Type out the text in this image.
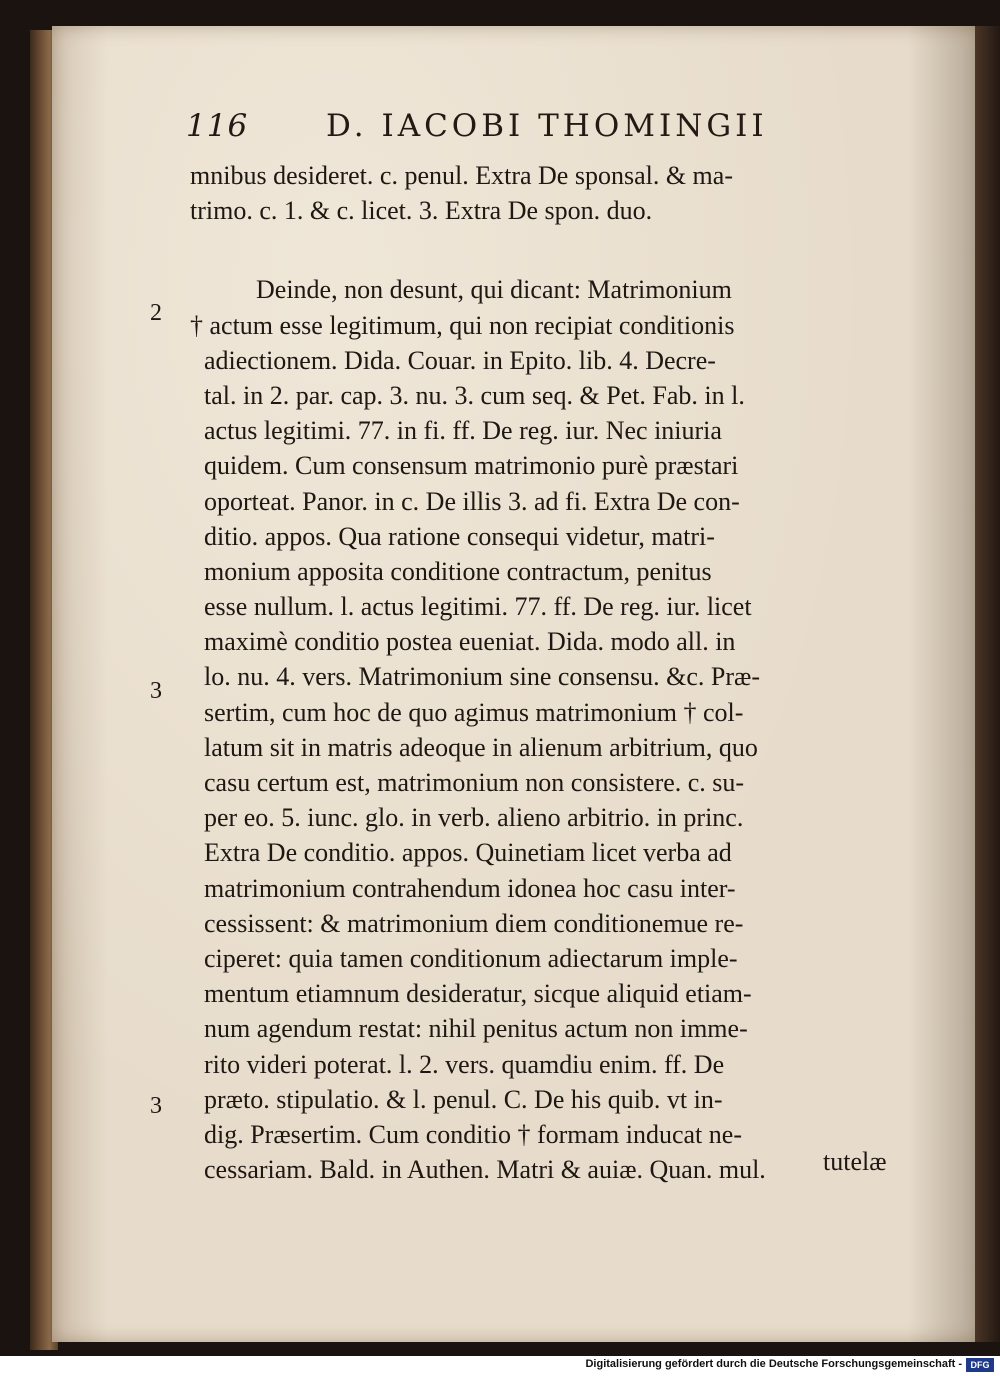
116	D. IACOBI THOMINGII
2
3
3
mnibus desideret. c. penul. Extra De sponsal. & ma-
trimo. c. 1. & c. licet. 3. Extra De spon. duo.
Deinde, non desunt, qui dicant: Matrimonium
† actum esse legitimum, qui non recipiat conditionis
adiectionem. Dida. Couar. in Epito. lib. 4. Decre-
tal. in 2. par. cap. 3. nu. 3. cum seq. & Pet. Fab. in l.
actus legitimi. 77. in fi. ff. De reg. iur. Nec iniuria
quidem. Cum consensum matrimonio purè præstari
oporteat. Panor. in c. De illis 3. ad fi. Extra De con-
ditio. appos. Qua ratione consequi videtur, matri-
monium apposita conditione contractum, penitus
esse nullum. l. actus legitimi. 77. ff. De reg. iur. licet
maximè conditio postea eueniat. Dida. modo all. in
lo. nu. 4. vers. Matrimonium sine consensu. &c. Præ-
sertim, cum hoc de quo agimus matrimonium † col-
latum sit in matris adeoque in alienum arbitrium, quo
casu certum est, matrimonium non consistere. c. su-
per eo. 5. iunc. glo. in verb. alieno arbitrio. in princ.
Extra De conditio. appos. Quinetiam licet verba ad
matrimonium contrahendum idonea hoc casu inter-
cessissent: & matrimonium diem conditionemue re-
ciperet: quia tamen conditionum adiectarum imple-
mentum etiamnum desideratur, sicque aliquid etiam-
num agendum restat: nihil penitus actum non imme-
rito videri poterat. l. 2. vers. quamdiu enim. ff. De
præto. stipulatio. & l. penul. C. De his quib. vt in-
dig. Præsertim. Cum conditio † formam inducat ne-
cessariam. Bald. in Authen. Matri & auiæ. Quan. mul.	tutelæ
Digitalisierung gefördert durch die Deutsche Forschungsgemeinschaft - DFG
